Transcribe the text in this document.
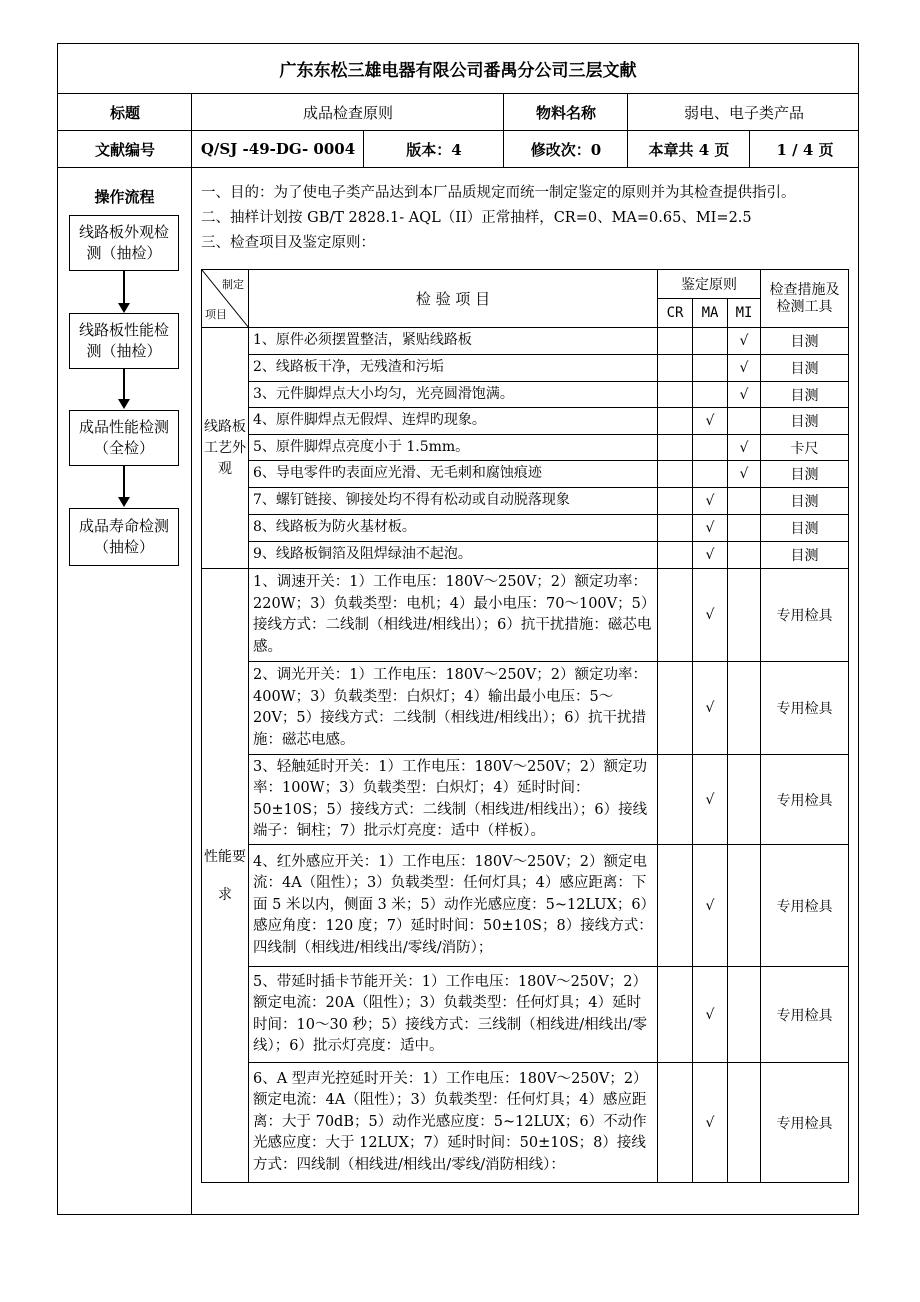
广东东松三雄电器有限公司番禺分公司三层文献
标题	成品检查原则	物料名称	弱电、电子类产品
文献编号	Q/SJ -49-DG- 0004	版本：4	修改次：0	本章共 4 页	1 / 4 页
操作流程
线路板外观检测（抽检）
线路板性能检测（抽检）
成品性能检测（全检）
成品寿命检测（抽检）
一、目的：为了使电子类产品达到本厂品质规定而统一制定鉴定的原则并为其检查提供指引。
二、抽样计划按 GB/T 2828.1- AQL（II）正常抽样，CR=0、MA=0.65、MI=2.5
三、检查项目及鉴定原则：
制定
项目	检 验 项 目	鉴定原则			检查措施及检测工具
		CR	MA	MI	
线路板工艺外观	1、原件必须摆置整洁，紧贴线路板			√	目测
	2、线路板干净，无残渣和污垢			√	目测
	3、元件脚焊点大小均匀，光亮圆滑饱满。			√	目测
	4、原件脚焊点无假焊、连焊旳现象。		√		目测
	5、原件脚焊点亮度小于 1.5mm。			√	卡尺
	6、导电零件旳表面应光滑、无毛刺和腐蚀痕迹			√	目测
	7、螺钉链接、铆接处均不得有松动或自动脱落现象		√		目测
	8、线路板为防火基材板。		√		目测
	9、线路板铜箔及阻焊绿油不起泡。		√		目测
性能要求	1、调速开关：1）工作电压：180V～250V；2）额定功率：220W；3）负载类型：电机；4）最小电压：70～100V；5）接线方式：二线制（相线进/相线出）；6）抗干扰措施：磁芯电感。		√		专用检具
	2、调光开关：1）工作电压：180V～250V；2）额定功率：400W；3）负载类型：白炽灯；4）输出最小电压：5～20V；5）接线方式：二线制（相线进/相线出）；6）抗干扰措施：磁芯电感。		√		专用检具
	3、轻触延时开关：1）工作电压：180V～250V；2）额定功率：100W；3）负载类型：白炽灯；4）延时时间：50±10S；5）接线方式：二线制（相线进/相线出）；6）接线端子：铜柱；7）批示灯亮度：适中（样板）。		√		专用检具
	4、红外感应开关：1）工作电压：180V～250V；2）额定电流：4A（阻性）；3）负载类型：任何灯具；4）感应距离：下面 5 米以内，侧面 3 米；5）动作光感应度：5~12LUX；6）感应角度：120 度；7）延时时间：50±10S；8）接线方式：四线制（相线进/相线出/零线/消防）；		√		专用检具
	5、带延时插卡节能开关：1）工作电压：180V～250V；2）额定电流：20A（阻性）；3）负载类型：任何灯具；4）延时时间：10～30 秒；5）接线方式：三线制（相线进/相线出/零线）；6）批示灯亮度：适中。		√		专用检具
	6、A 型声光控延时开关：1）工作电压：180V～250V；2）额定电流：4A（阻性）；3）负载类型：任何灯具；4）感应距离：大于 70dB；5）动作光感应度：5~12LUX；6）不动作光感应度：大于 12LUX；7）延时时间：50±10S；8）接线方式：四线制（相线进/相线出/零线/消防相线）：		√		专用检具
